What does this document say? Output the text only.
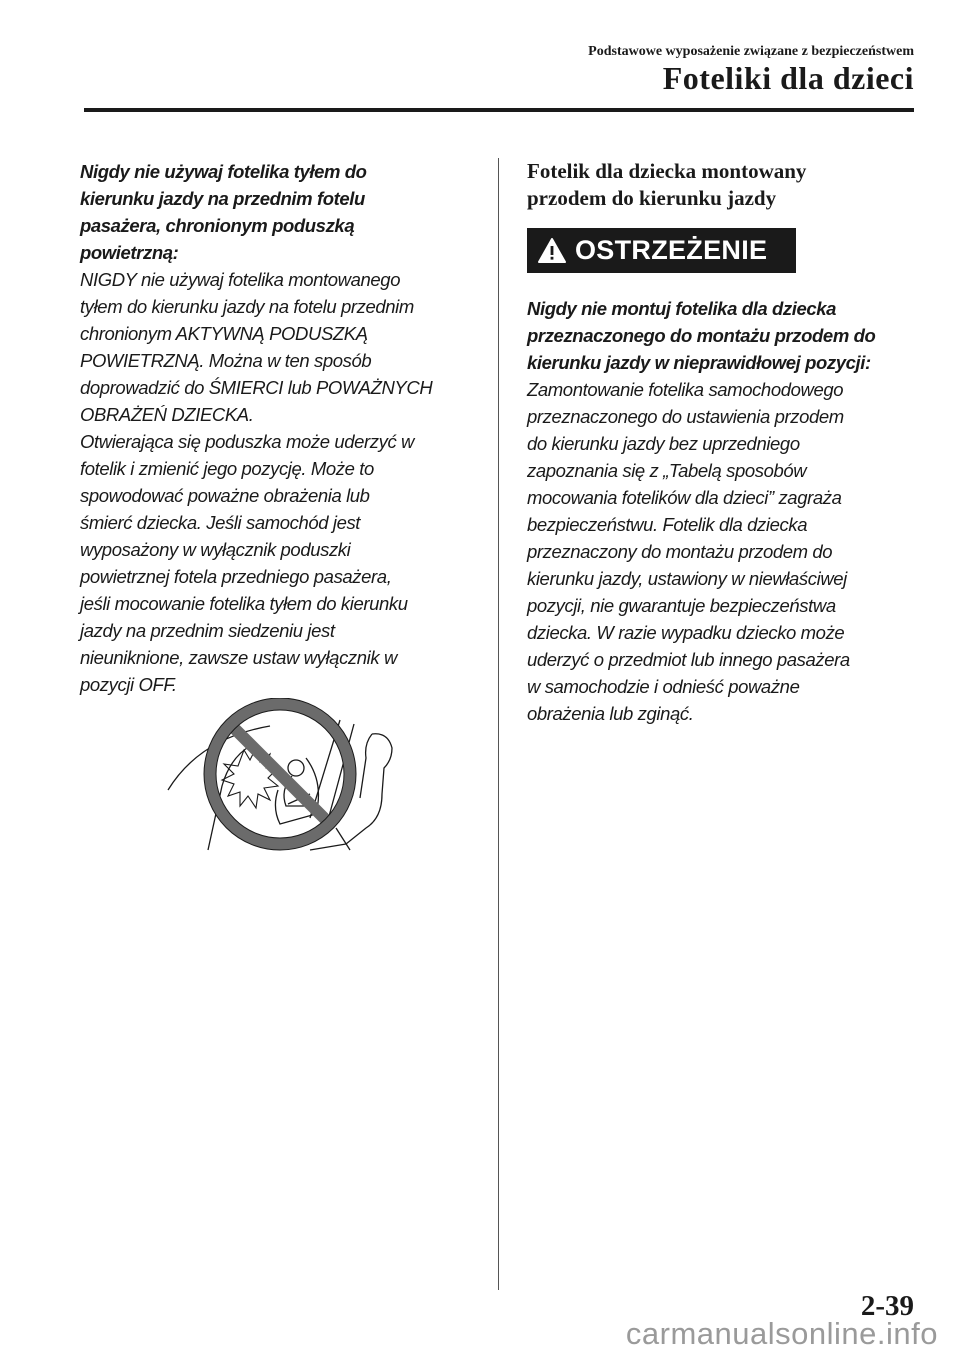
Podstawowe wyposażenie związane z bezpieczeństwem
Foteliki dla dzieci
Nigdy nie używaj fotelika tyłem do
kierunku jazdy na przednim fotelu
pasażera, chronionym poduszką
powietrzną:
NIGDY nie używaj fotelika montowanego
tyłem do kierunku jazdy na fotelu przednim
chronionym AKTYWNĄ PODUSZKĄ
POWIETRZNĄ. Można w ten sposób
doprowadzić do ŚMIERCI lub POWAŻNYCH
OBRAŻEŃ DZIECKA.
Otwierająca się poduszka może uderzyć w
fotelik i zmienić jego pozycję. Może to
spowodować poważne obrażenia lub
śmierć dziecka. Jeśli samochód jest
wyposażony w wyłącznik poduszki
powietrznej fotela przedniego pasażera,
jeśli mocowanie fotelika tyłem do kierunku
jazdy na przednim siedzeniu jest
nieuniknione, zawsze ustaw wyłącznik w
pozycji OFF.
Fotelik dla dziecka montowany
przodem do kierunku jazdy
OSTRZEŻENIE
Nigdy nie montuj fotelika dla dziecka
przeznaczonego do montażu przodem do
kierunku jazdy w nieprawidłowej pozycji:
Zamontowanie fotelika samochodowego
przeznaczonego do ustawienia przodem
do kierunku jazdy bez uprzedniego
zapoznania się z „Tabelą sposobów
mocowania fotelików dla dzieci” zagraża
bezpieczeństwu. Fotelik dla dziecka
przeznaczony do montażu przodem do
kierunku jazdy, ustawiony w niewłaściwej
pozycji, nie gwarantuje bezpieczeństwa
dziecka. W razie wypadku dziecko może
uderzyć o przedmiot lub innego pasażera
w samochodzie i odnieść poważne
obrażenia lub zginąć.
2-39
carmanualsonline.info
